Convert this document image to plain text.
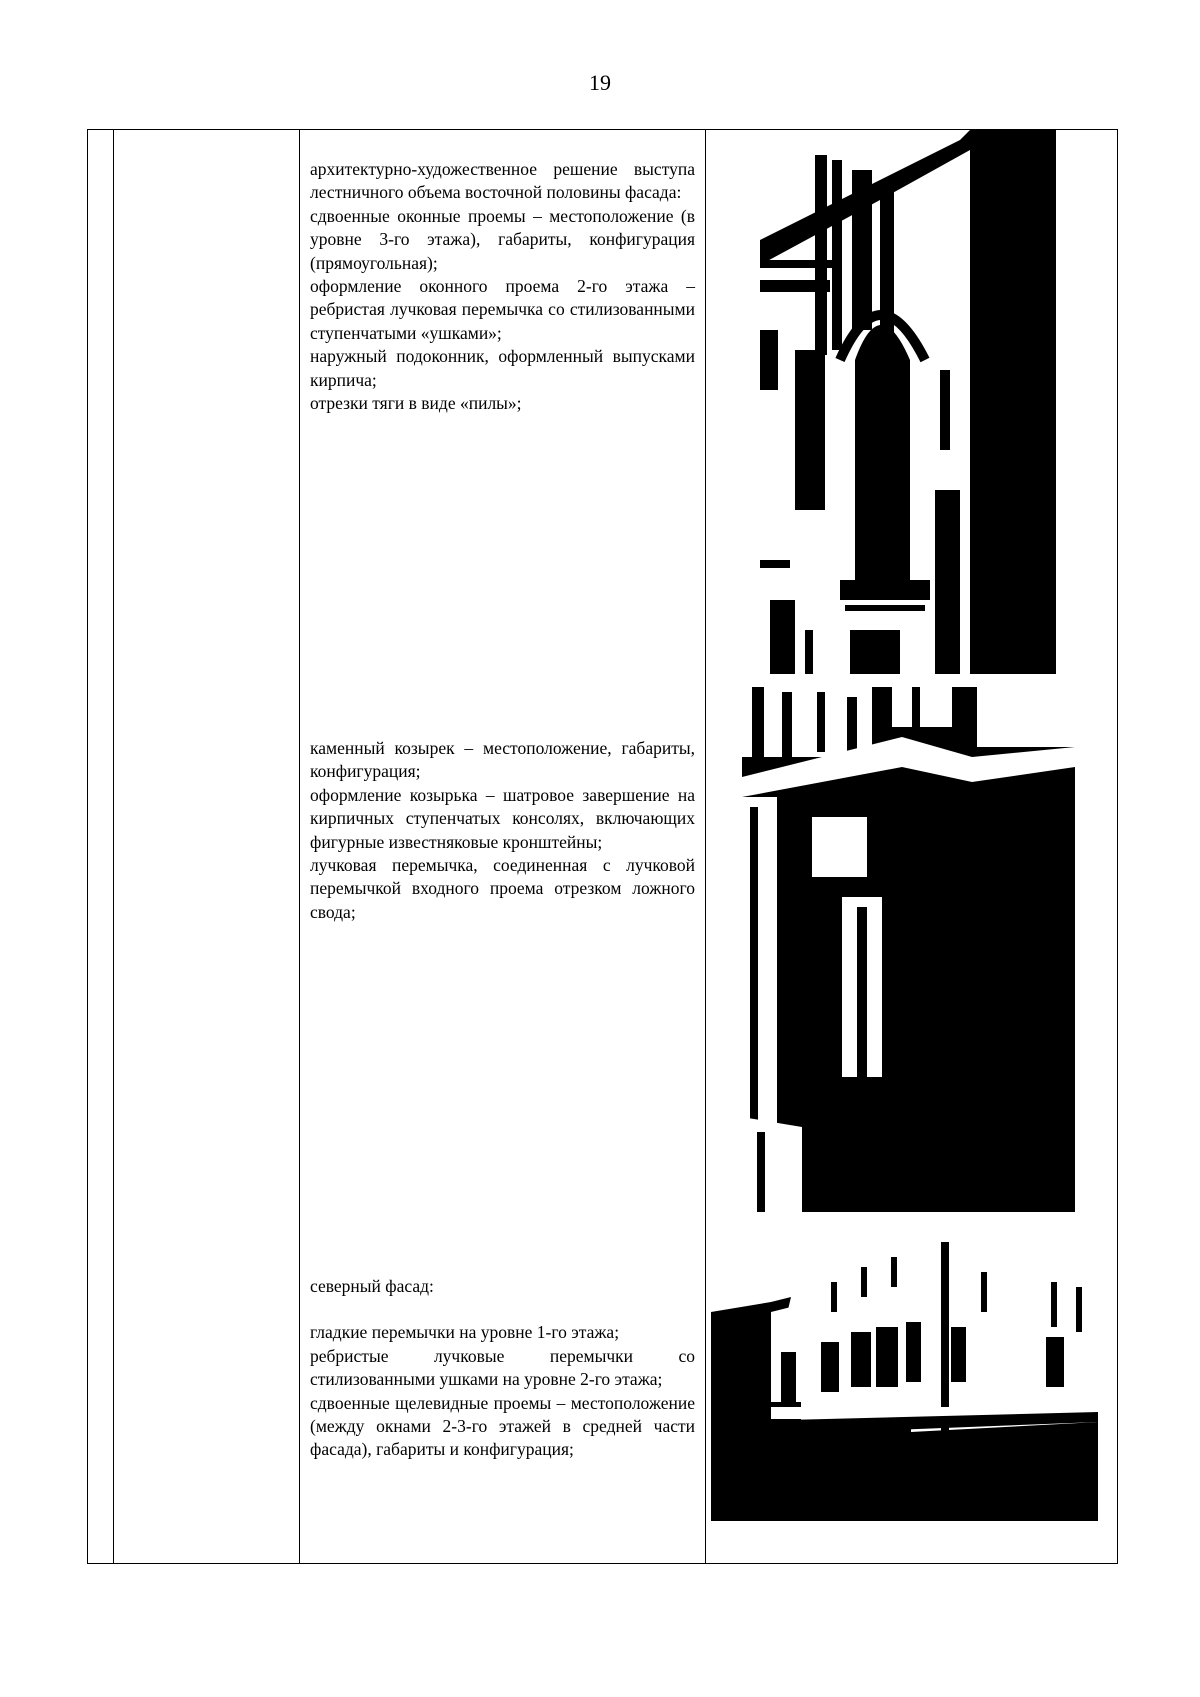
19

архитектурно-художественное решение выступа лестничного объема восточной половины фасада:

сдвоенные оконные проемы – местоположение (в уровне 3-го этажа), габариты, конфигурация (прямоугольная);

оформление оконного проема 2-го этажа – ребристая лучковая перемычка со стилизованными ступенчатыми «ушками»;

наружный подоконник, оформленный выпусками кирпича;

отрезки тяги в виде «пилы»;

каменный козырек – местоположение, габариты, конфигурация;

оформление козырька – шатровое завершение на кирпичных ступенчатых консолях, включающих фигурные известняковые кронштейны;

лучковая перемычка, соединенная с лучковой перемычкой входного проема отрезком ложного свода;

северный фасад:

гладкие перемычки на уровне 1-го этажа;

ребристые лучковые перемычки со стилизованными ушками на уровне 2-го этажа;

сдвоенные щелевидные проемы – местоположение (между окнами 2-3-го этажей в средней части фасада), габариты и конфигурация;
